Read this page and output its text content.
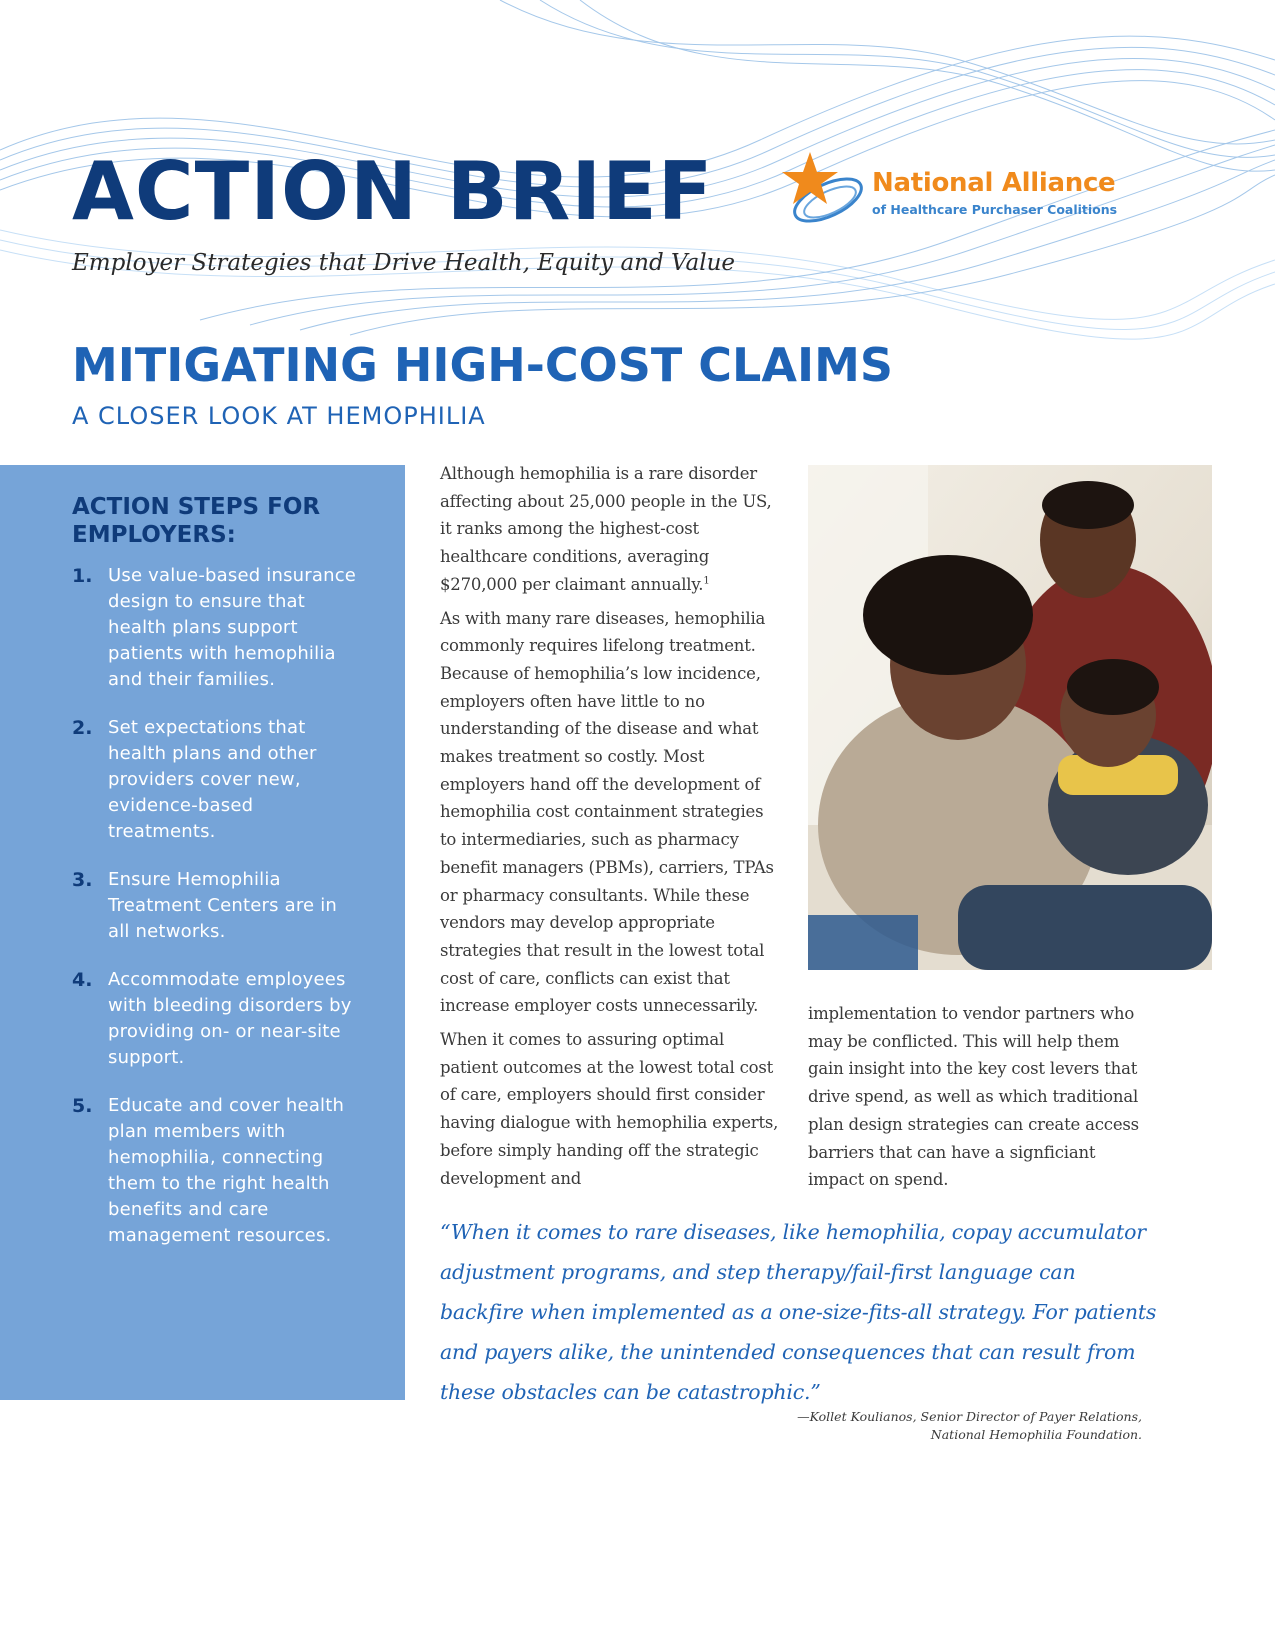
ACTION BRIEF

Employer Strategies that Drive Health, Equity and Value

National Alliance

of Healthcare Purchaser Coalitions

MITIGATING HIGH-COST CLAIMS

A CLOSER LOOK AT HEMOPHILIA

ACTION STEPS FOR EMPLOYERS:
1. Use value-based insurance design to ensure that health plans support patients with hemophilia and their families.
2. Set expectations that health plans and other providers cover new, evidence-based treatments.
3. Ensure Hemophilia Treatment Centers are in all networks.
4. Accommodate employees with bleeding disorders by providing on- or near-site support.
5. Educate and cover health plan members with hemophilia, connecting them to the right health benefits and care management resources.

Although hemophilia is a rare disorder affecting about 25,000 people in the US, it ranks among the highest-cost healthcare conditions, averaging $270,000 per claimant annually.$^1$

As with many rare diseases, hemophilia commonly requires lifelong treatment. Because of hemophilia’s low incidence, employers often have little to no understanding of the disease and what makes treatment so costly. Most employers hand off the development of hemophilia cost containment strategies to intermediaries, such as pharmacy benefit managers (PBMs), carriers, TPAs or pharmacy consultants. While these vendors may develop appropriate strategies that result in the lowest total cost of care, conflicts can exist that increase employer costs unnecessarily.

When it comes to assuring optimal patient outcomes at the lowest total cost of care, employers should first consider having dialogue with hemophilia experts, before simply handing off the strategic development and

implementation to vendor partners who may be conflicted. This will help them gain insight into the key cost levers that drive spend, as well as which traditional plan design strategies can create access barriers that can have a signficiant impact on spend.

“When it comes to rare diseases, like hemophilia, copay accumulator adjustment programs, and step therapy/fail-first language can backfire when implemented as a one-size-fits-all strategy. For patients and payers alike, the unintended consequences that can result from these obstacles can be catastrophic.”

—Kollet Koulianos, Senior Director of Payer Relations,
National Hemophilia Foundation.
